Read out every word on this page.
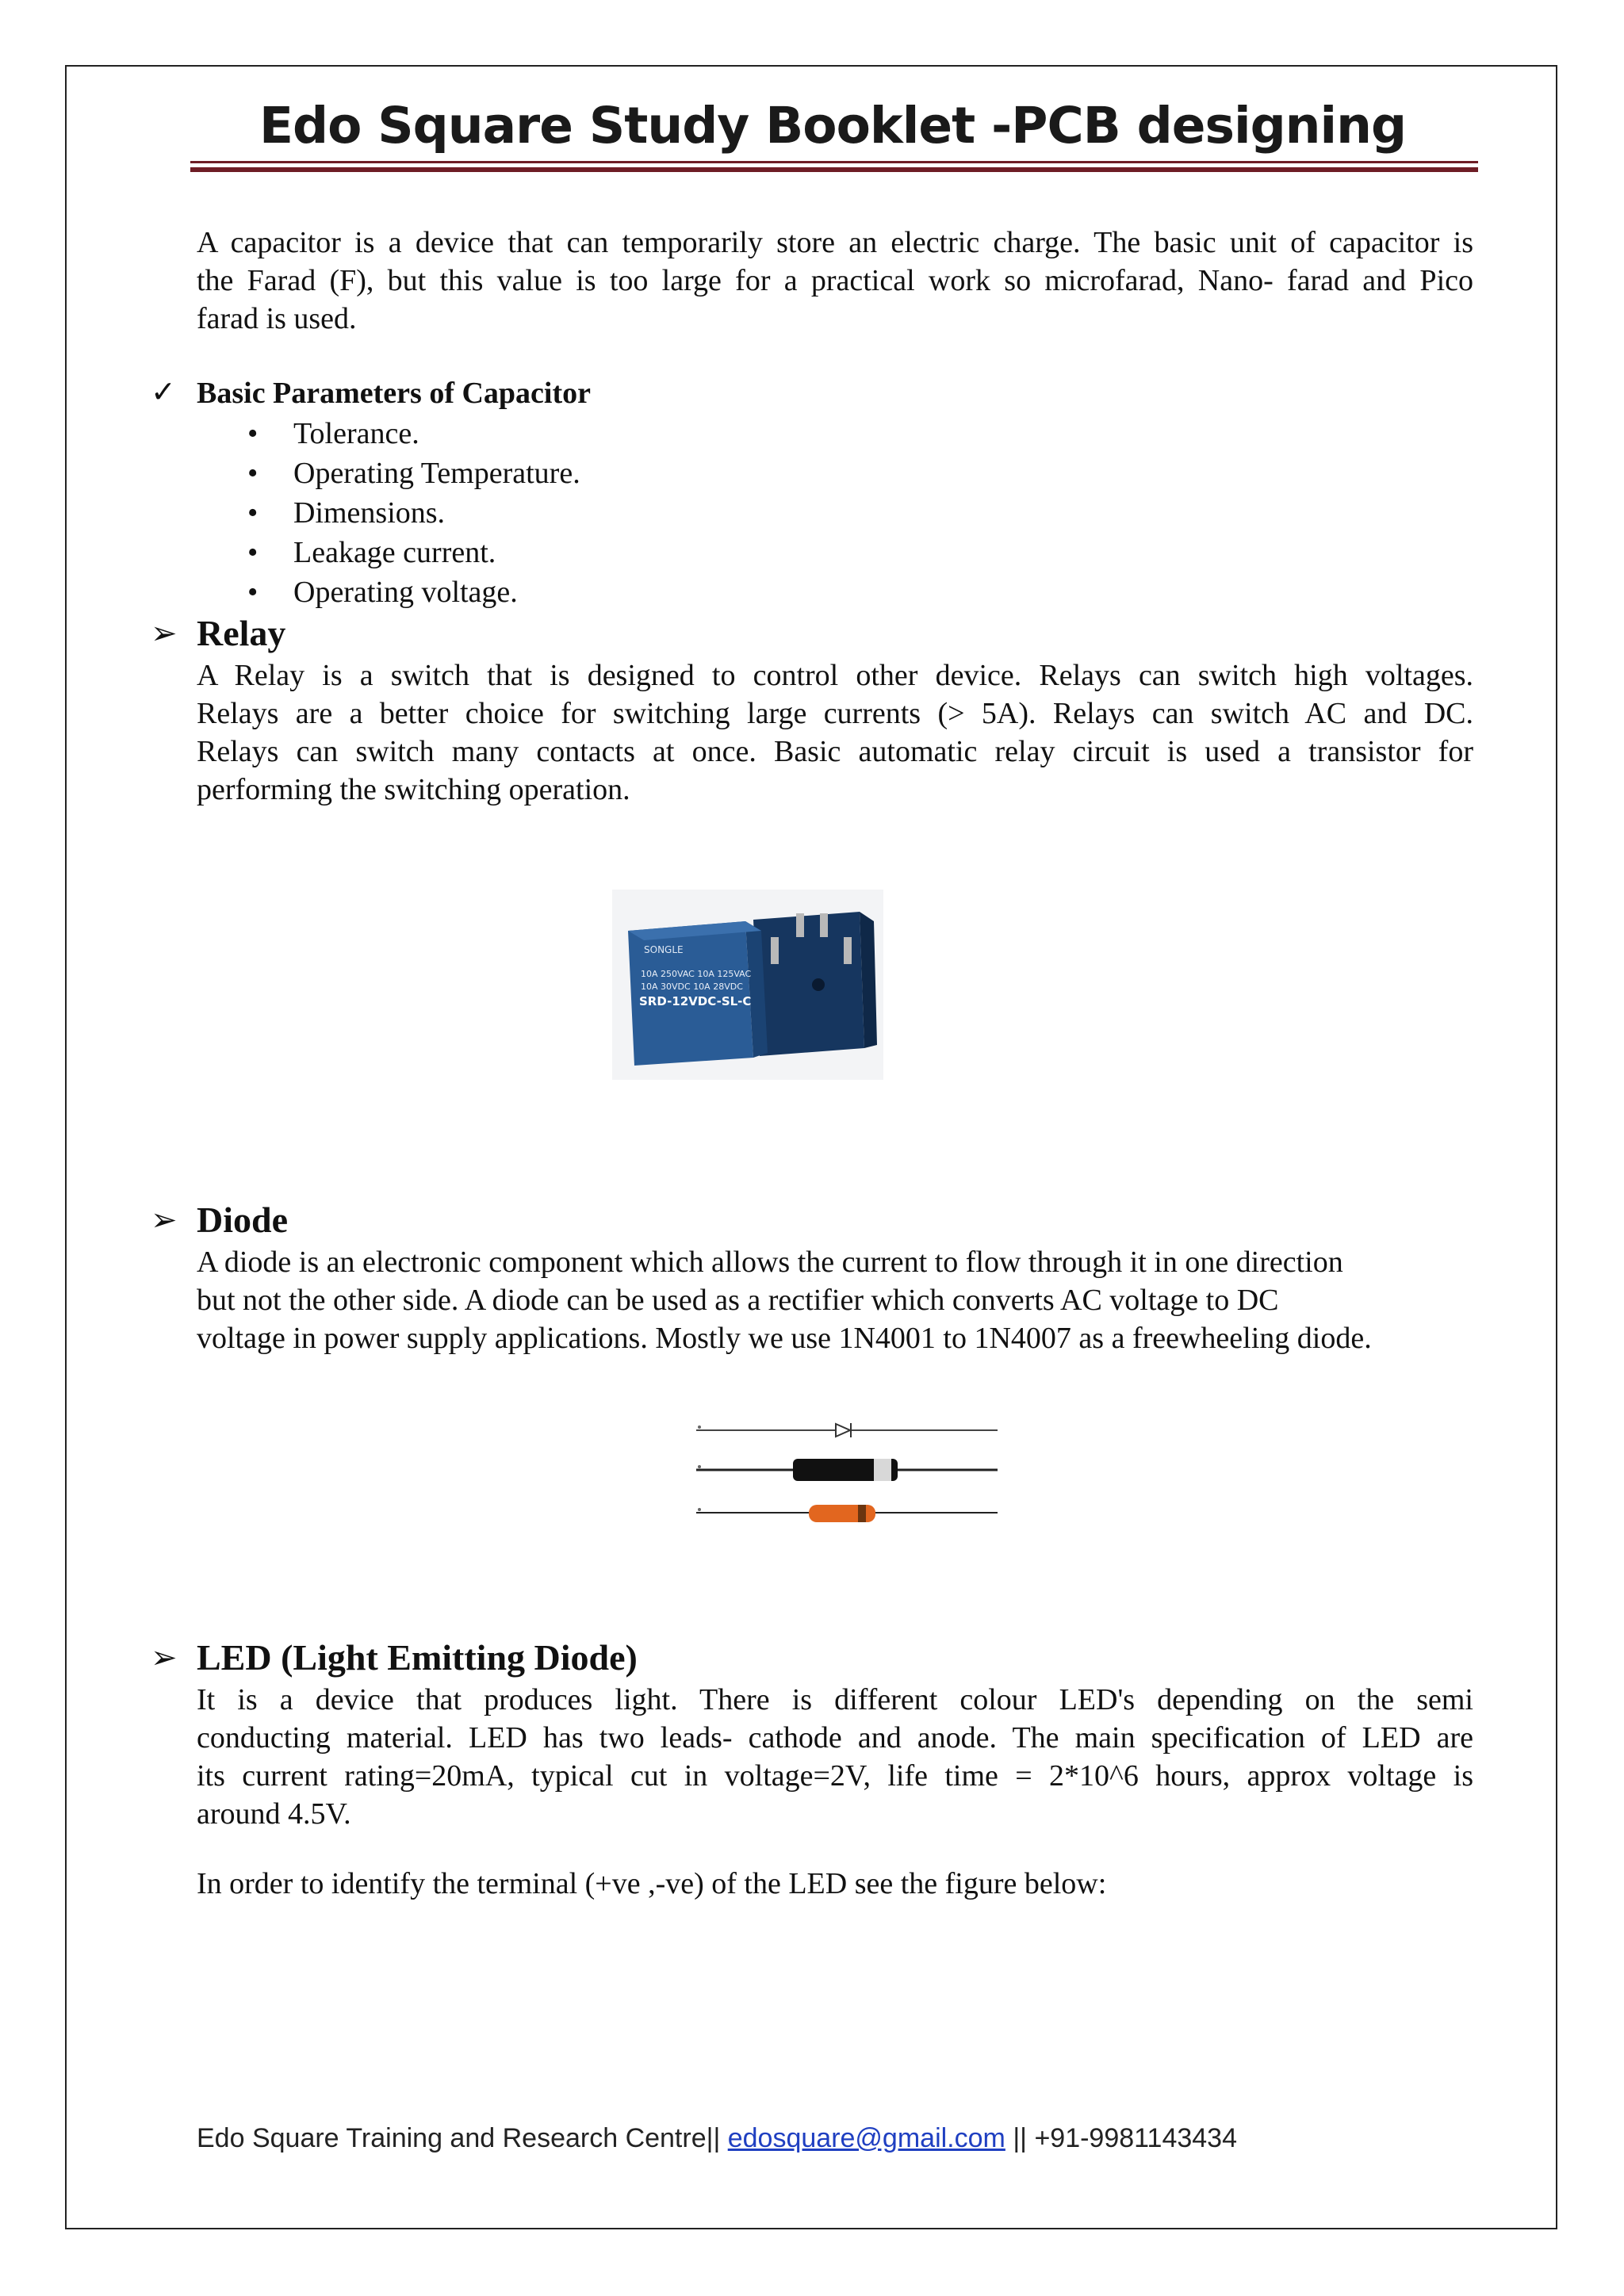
Edo Square Study Booklet -PCB designing

A capacitor is a device that can temporarily store an electric charge. The basic unit of capacitor is
the Farad (F), but this value is too large for a practical work so microfarad, Nano- farad and Pico
farad is used.

✓ Basic Parameters of Capacitor
• Tolerance.
• Operating Temperature.
• Dimensions.
• Leakage current.
• Operating voltage.
➢ Relay

A Relay is a switch that is designed to control other device. Relays can switch high voltages.
Relays are a better choice for switching large currents (> 5A). Relays can switch AC and DC.
Relays can switch many contacts at once. Basic automatic relay circuit is used a transistor for
performing the switching operation.

SONGLE
10A 250VAC 10A 125VAC
10A 30VDC 10A 28VDC
SRD-12VDC-SL-C
➢ Diode

A diode is an electronic component which allows the current to flow through it in one direction
but not the other side. A diode can be used as a rectifier which converts AC voltage to DC
voltage in power supply applications. Mostly we use 1N4001 to 1N4007 as a freewheeling diode.

➢ LED (Light Emitting Diode)

It is a device that produces light. There is different colour LED's depending on the semi
conducting material. LED has two leads- cathode and anode. The main specification of LED are
its current rating=20mA, typical cut in voltage=2V, life time = 2*10^6 hours, approx voltage is
around 4.5V.

In order to identify the terminal (+ve ,-ve) of the LED see the figure below:

Edo Square Training and Research Centre|| edosquare@gmail.com || +91-9981143434
